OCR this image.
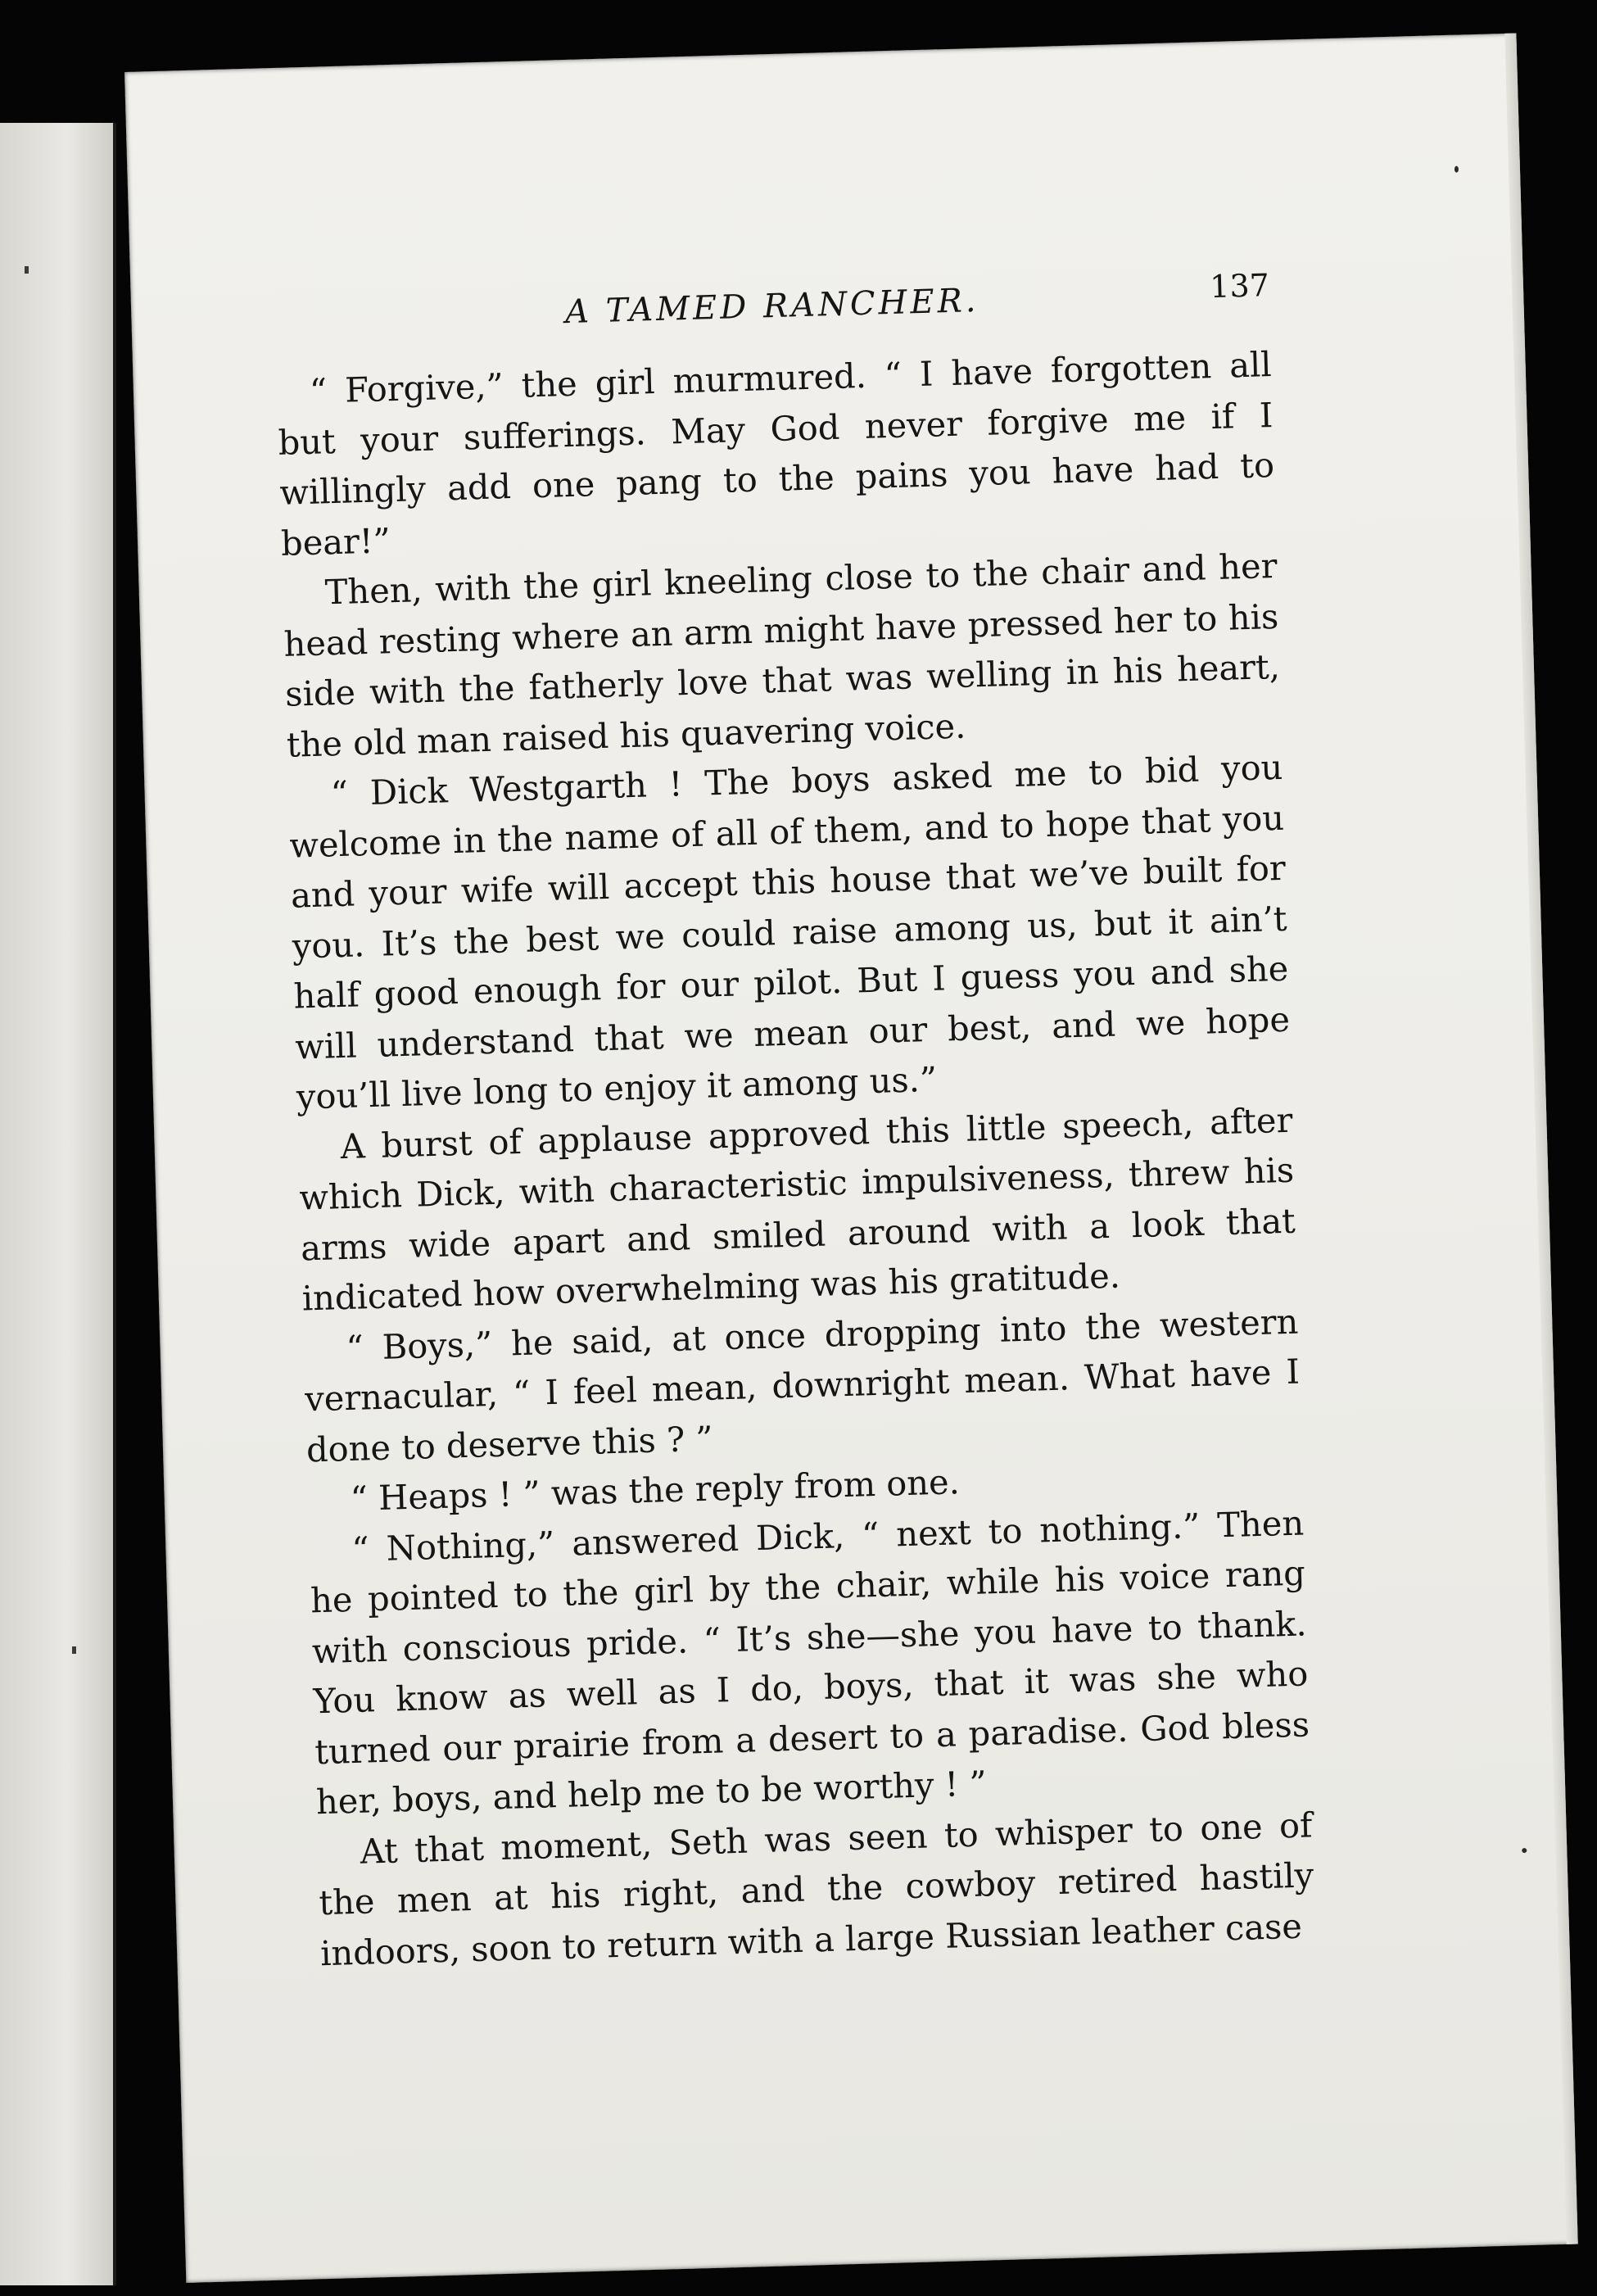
A TAMED RANCHER.	137

“ Forgive,” the girl murmured. “ I have forgotten all but your sufferings. May God never forgive me if I willingly add one pang to the pains you have had to bear!”

Then, with the girl kneeling close to the chair and her head resting where an arm might have pressed her to his side with the fatherly love that was welling in his heart, the old man raised his quavering voice.

“ Dick Westgarth ! The boys asked me to bid you welcome in the name of all of them, and to hope that you and your wife will accept this house that we’ve built for you. It’s the best we could raise among us, but it ain’t half good enough for our pilot. But I guess you and she will understand that we mean our best, and we hope you’ll live long to enjoy it among us.”

A burst of applause approved this little speech, after which Dick, with characteristic impulsiveness, threw his arms wide apart and smiled around with a look that indicated how overwhelming was his gratitude.

“ Boys,” he said, at once dropping into the western vernacular, “ I feel mean, downright mean. What have I done to deserve this ? ”

“ Heaps ! ” was the reply from one.

“ Nothing,” answered Dick, “ next to nothing.” Then he pointed to the girl by the chair, while his voice rang with conscious pride. “ It’s she—she you have to thank. You know as well as I do, boys, that it was she who turned our prairie from a desert to a paradise. God bless her, boys, and help me to be worthy ! ”

At that moment, Seth was seen to whisper to one of the men at his right, and the cowboy retired hastily indoors, soon to return with a large Russian leather case
